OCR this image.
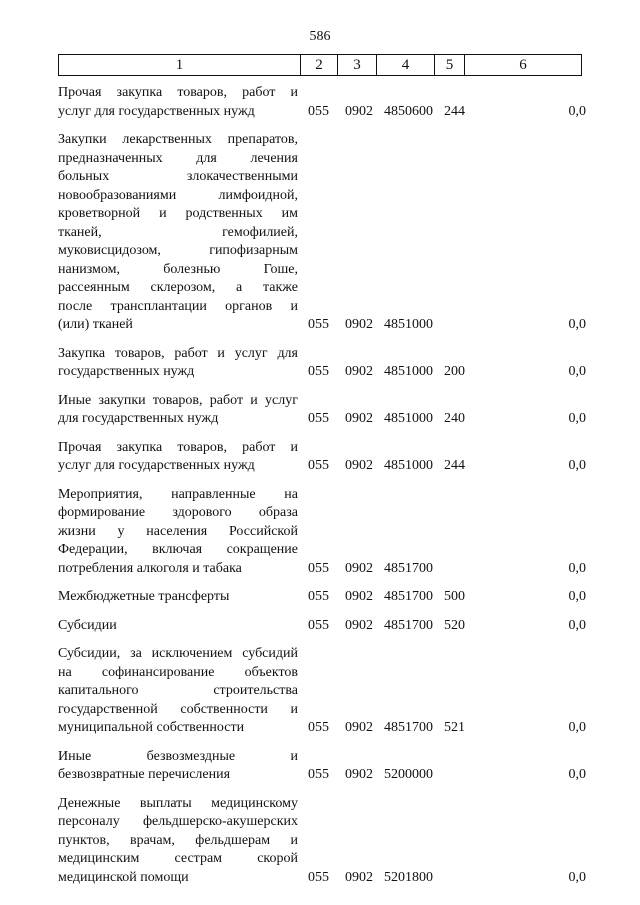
586
1	2	3	4	5	6
Прочая закупка товаров, работ и
услуг для государственных нужд	055 0902 4850600 244	0,0
Закупки лекарственных препаратов,
предназначенных для лечения
больных злокачественными
новообразованиями лимфоидной,
кроветворной и родственных им
тканей, гемофилией,
муковисцидозом, гипофизарным
нанизмом, болезнью Гоше,
рассеянным склерозом, а также
после трансплантации органов и
(или) тканей	055 0902 4851000	0,0
Закупка товаров, работ и услуг для
государственных нужд	055 0902 4851000 200	0,0
Иные закупки товаров, работ и услуг
для государственных нужд	055 0902 4851000 240	0,0
Прочая закупка товаров, работ и
услуг для государственных нужд	055 0902 4851000 244	0,0
Мероприятия, направленные на
формирование здорового образа
жизни у населения Российской
Федерации, включая сокращение
потребления алкоголя и табака	055 0902 4851700	0,0
Межбюджетные трансферты	055 0902 4851700 500	0,0
Субсидии	055 0902 4851700 520	0,0
Субсидии, за исключением субсидий
на софинансирование объектов
капитального строительства
государственной собственности и
муниципальной собственности	055 0902 4851700 521	0,0
Иные безвозмездные и
безвозвратные перечисления	055 0902 5200000	0,0
Денежные выплаты медицинскому
персоналу фельдшерско-акушерских
пунктов, врачам, фельдшерам и
медицинским сестрам скорой
медицинской помощи	055 0902 5201800	0,0
